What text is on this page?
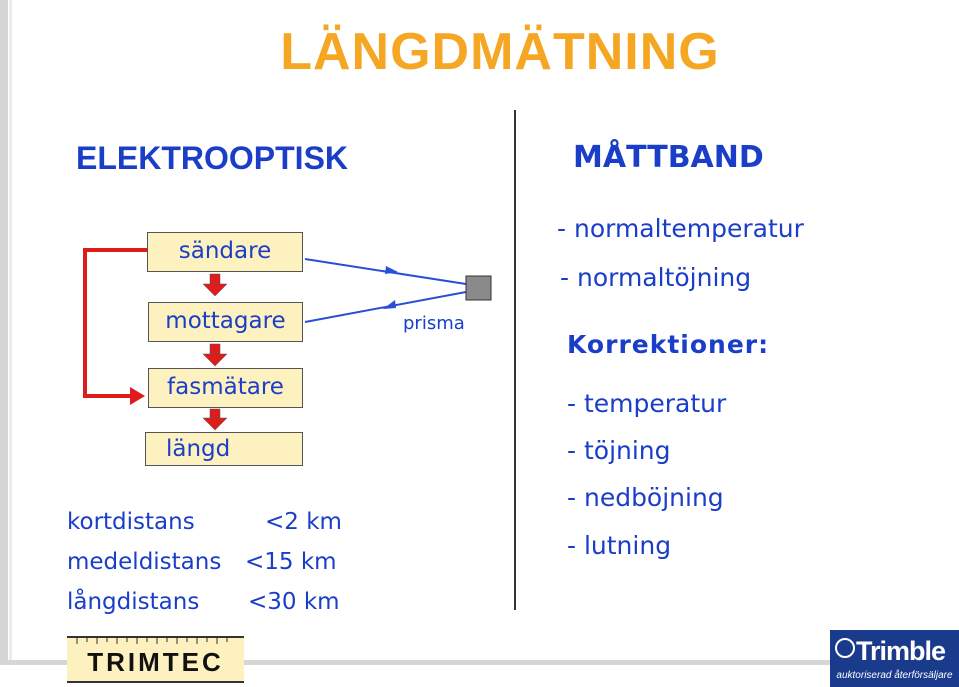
LÄNGDMÄTNING
ELEKTROOPTISK	MÅTTBAND
sändare
mottagare
fasmätare
längd
prisma
kortdistans	<2 km
medeldistans <15 km
långdistans <30 km
- normaltemperatur
- normaltöjning
Korrektioner:
- temperatur
- töjning
- nedböjning
- lutning
TRIMTEC	Trimble
auktoriserad återförsäljare
